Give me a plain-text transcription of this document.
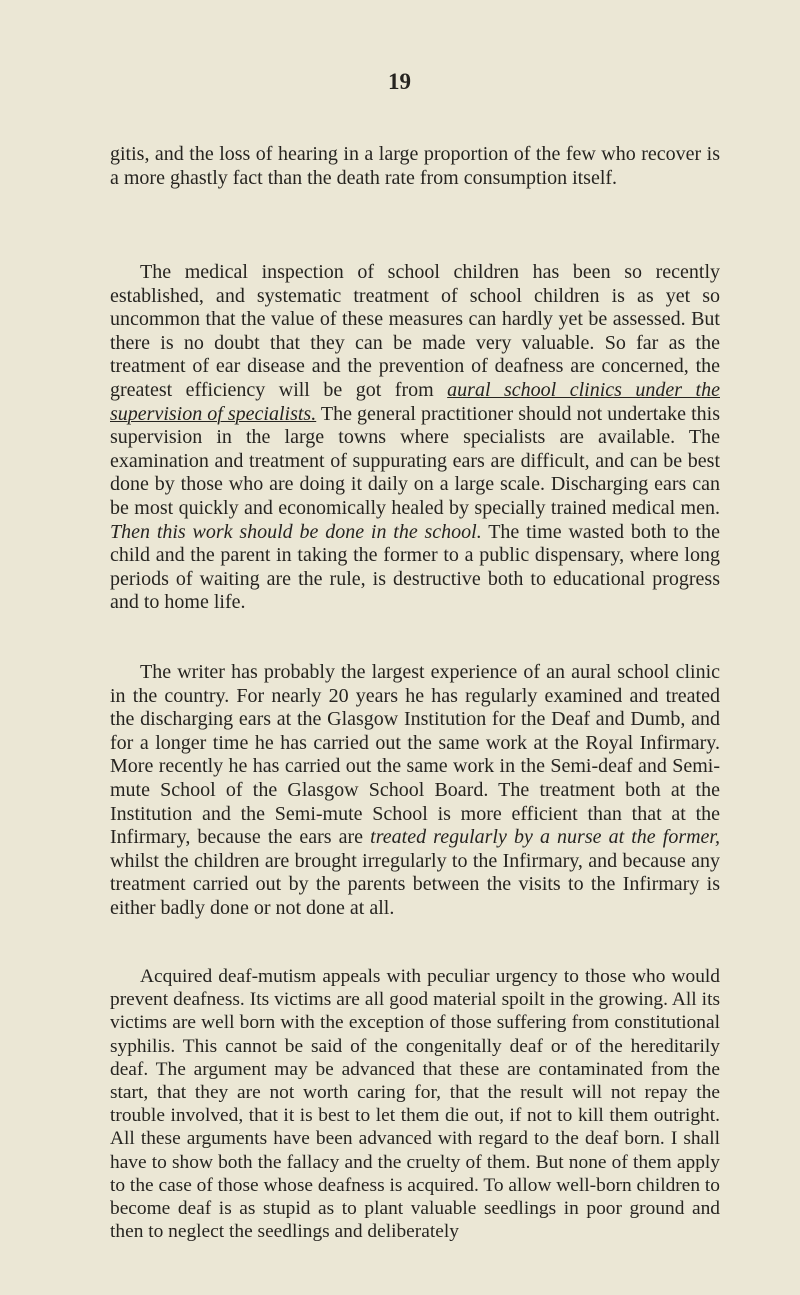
19

gitis, and the loss of hearing in a large proportion of the few who recover is a more ghastly fact than the death rate from consumption itself.

The medical inspection of school children has been so recently established, and systematic treatment of school children is as yet so uncommon that the value of these measures can hardly yet be assessed. But there is no doubt that they can be made very valuable. So far as the treatment of ear disease and the prevention of deafness are concerned, the greatest efficiency will be got from aural school clinics under the supervision of specialists. The general practitioner should not undertake this supervision in the large towns where specialists are available. The examination and treatment of suppurating ears are difficult, and can be best done by those who are doing it daily on a large scale. Discharging ears can be most quickly and economically healed by specially trained medical men. Then this work should be done in the school. The time wasted both to the child and the parent in taking the former to a public dispensary, where long periods of waiting are the rule, is destructive both to educational progress and to home life.

The writer has probably the largest experience of an aural school clinic in the country. For nearly 20 years he has regularly examined and treated the discharging ears at the Glasgow Institution for the Deaf and Dumb, and for a longer time he has carried out the same work at the Royal Infirmary. More recently he has carried out the same work in the Semi-deaf and Semi-mute School of the Glasgow School Board. The treatment both at the Institution and the Semi-mute School is more efficient than that at the Infirmary, because the ears are treated regularly by a nurse at the former, whilst the children are brought irregularly to the Infirmary, and because any treatment carried out by the parents between the visits to the Infirmary is either badly done or not done at all.

Acquired deaf-mutism appeals with peculiar urgency to those who would prevent deafness. Its victims are all good material spoilt in the growing. All its victims are well born with the exception of those suffering from constitutional syphilis. This cannot be said of the congenitally deaf or of the hereditarily deaf. The argument may be advanced that these are contaminated from the start, that they are not worth caring for, that the result will not repay the trouble involved, that it is best to let them die out, if not to kill them outright. All these arguments have been advanced with regard to the deaf born. I shall have to show both the fallacy and the cruelty of them. But none of them apply to the case of those whose deafness is acquired. To allow well-born children to become deaf is as stupid as to plant valuable seedlings in poor ground and then to neglect the seedlings and deliberately
